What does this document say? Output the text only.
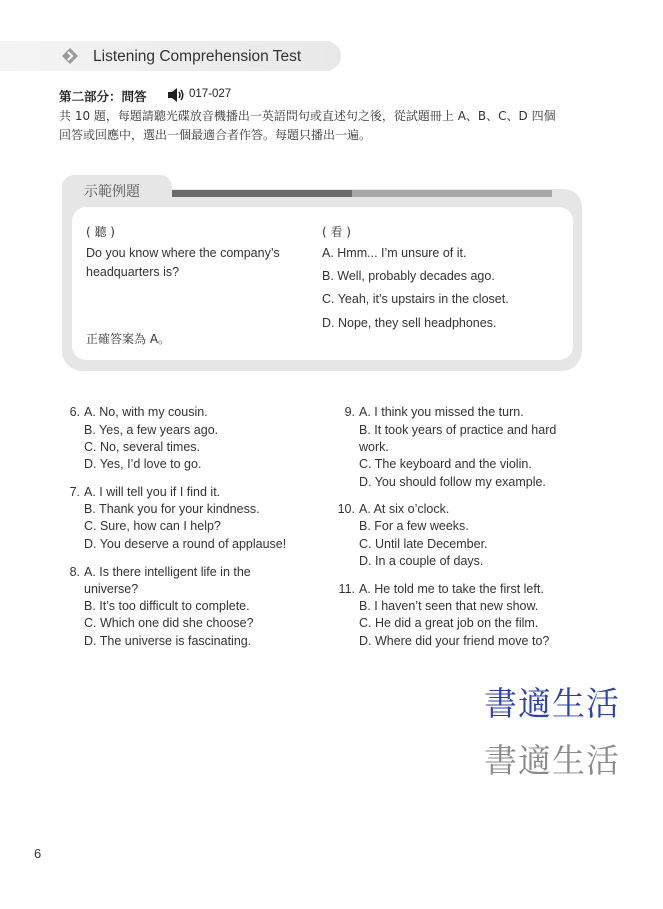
Listening Comprehension Test
第二部分：問答	017-027
共 10 題，每題請聽光碟放音機播出一英語問句或直述句之後，從試題冊上 A、B、C、D 四個
回答或回應中，選出一個最適合者作答。每題只播出一遍。
示範例題
( 聽 )
Do you know where the company’s
headquarters is?
正確答案為 A。
( 看 )
A. Hmm... I’m unsure of it.
B. Well, probably decades ago.
C. Yeah, it’s upstairs in the closet.
D. Nope, they sell headphones.
6. A. No, with my cousin.
B. Yes, a few years ago.
C. No, several times.
D. Yes, I’d love to go.
7. A. I will tell you if I find it.
B. Thank you for your kindness.
C. Sure, how can I help?
D. You deserve a round of applause!
8. A. Is there intelligent life in the
universe?
B. It’s too difficult to complete.
C. Which one did she choose?
D. The universe is fascinating.
9. A. I think you missed the turn.
B. It took years of practice and hard
work.
C. The keyboard and the violin.
D. You should follow my example.
10. A. At six o’clock.
B. For a few weeks.
C. Until late December.
D. In a couple of days.
11. A. He told me to take the first left.
B. I haven’t seen that new show.
C. He did a great job on the film.
D. Where did your friend move to?
書適生活
書適生活
6
